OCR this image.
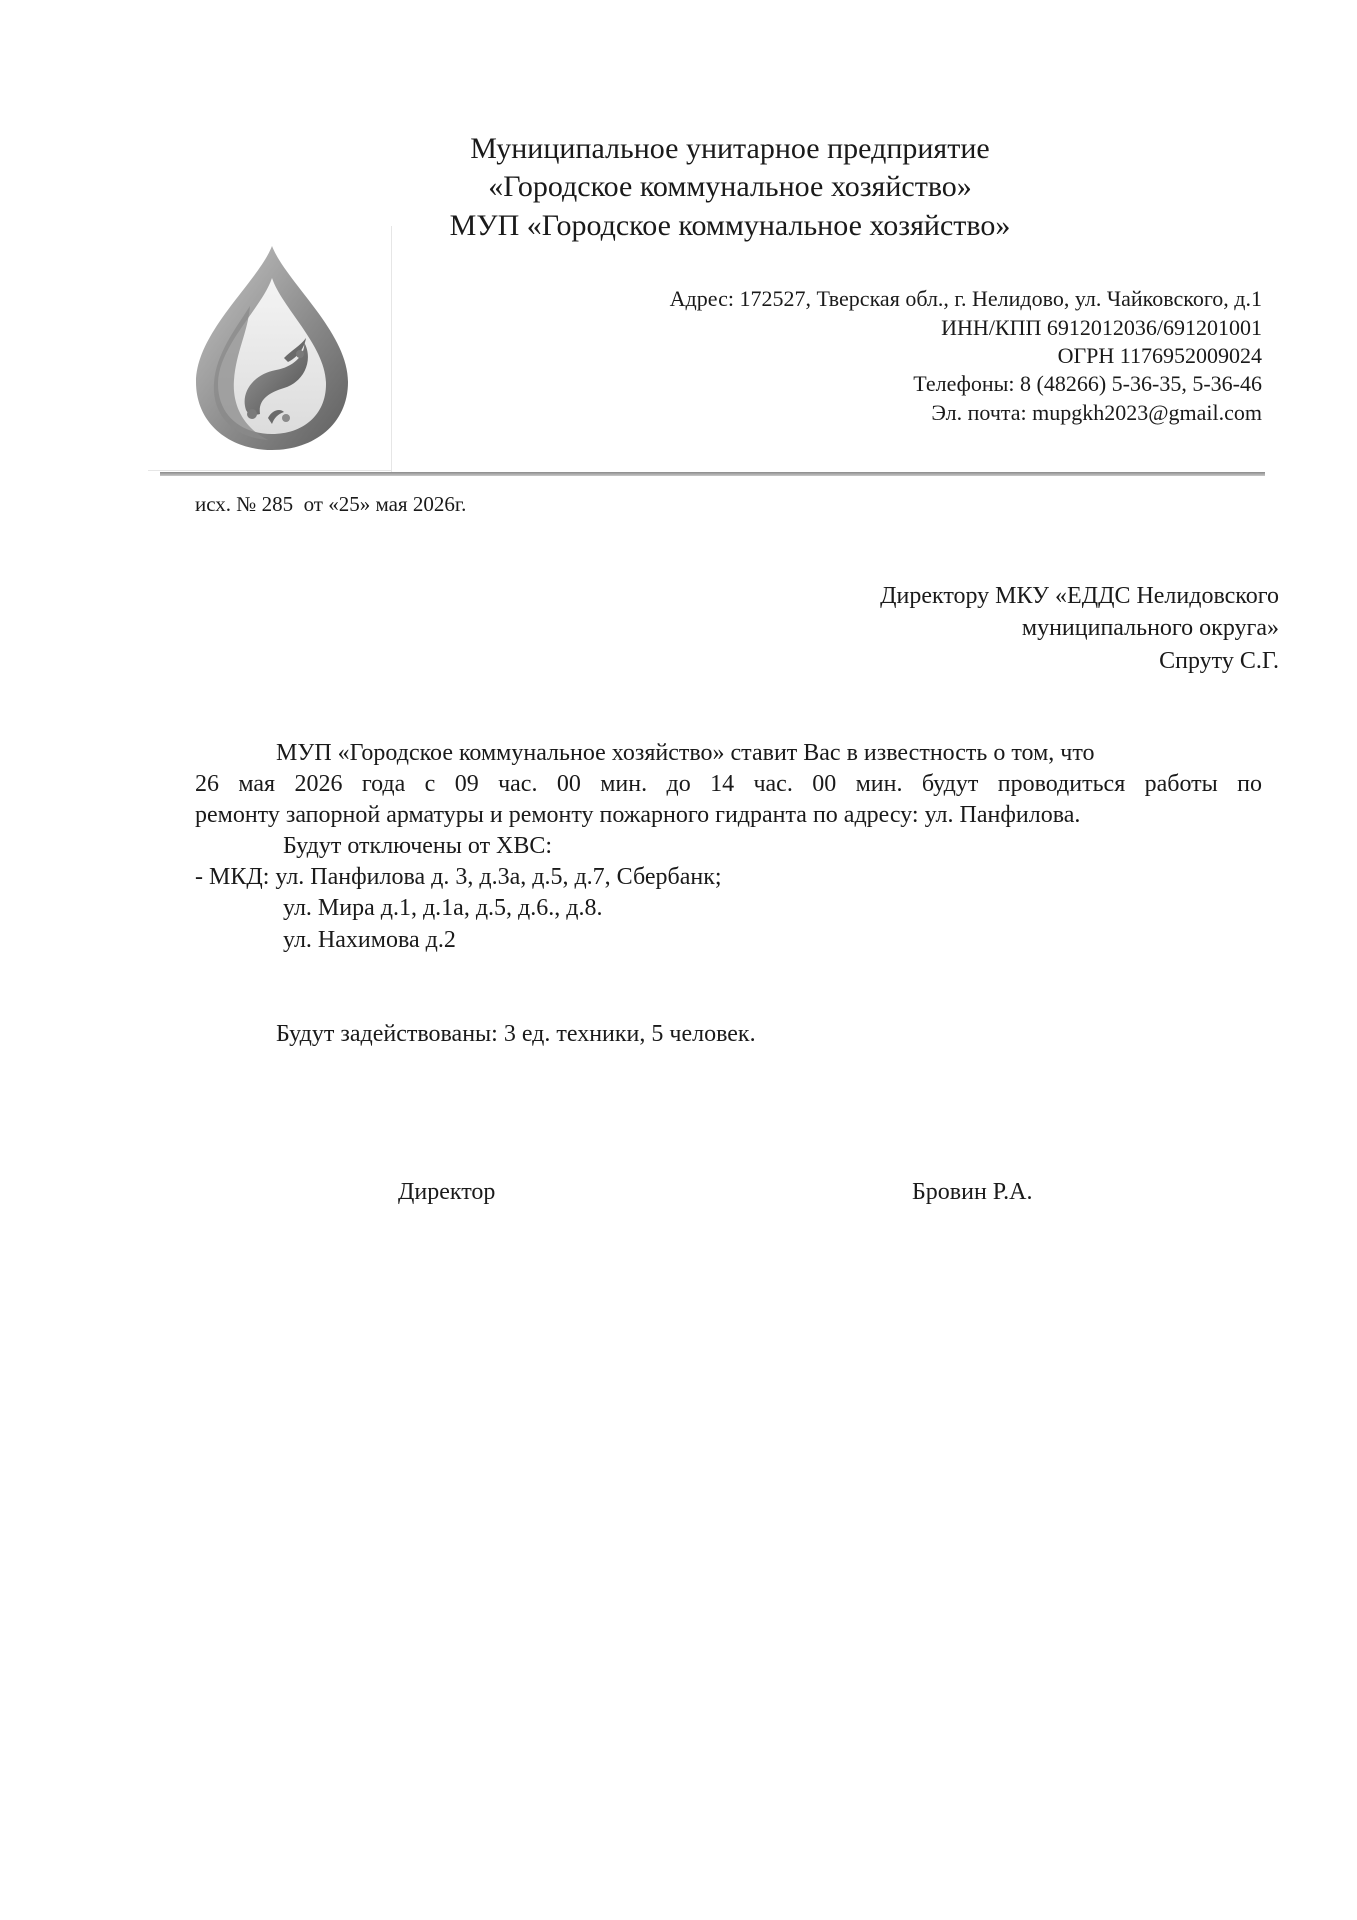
Муниципальное унитарное предприятие
«Городское коммунальное хозяйство»
МУП «Городское коммунальное хозяйство»
Адрес: 172527, Тверская обл., г. Нелидово, ул. Чайковского, д.1
ИНН/КПП 6912012036/691201001
ОГРН 1176952009024
Телефоны: 8 (48266) 5-36-35, 5-36-46
Эл. почта: mupgkh2023@gmail.com
исх. № 285  от «25» мая 2026г.
Директору МКУ «ЕДДС Нелидовского
муниципального округа»
Спруту С.Г.
МУП «Городское коммунальное хозяйство» ставит Вас в известность о том, что
26 мая 2026 года с 09 час. 00 мин. до 14 час. 00 мин. будут проводиться работы по
ремонту запорной арматуры и ремонту пожарного гидранта по адресу: ул. Панфилова.
Будут отключены от ХВС:
- МКД: ул. Панфилова д. 3, д.3а, д.5, д.7, Сбербанк;
ул. Мира д.1, д.1а, д.5, д.6., д.8.
ул. Нахимова д.2
Будут задействованы: 3 ед. техники, 5 человек.
Директор	Бровин Р.А.
